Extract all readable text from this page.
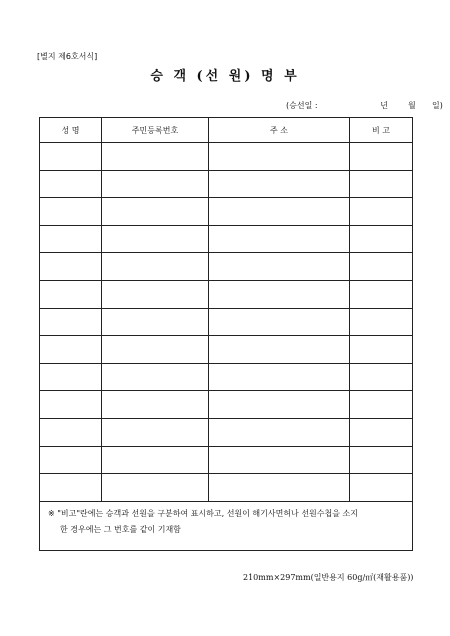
[별지 제6호서식]
승 객 (선 원) 명 부
(승선일 :	년	월	일)
성 명	주민등록번호	주 소	비 고

※ "비고"란에는 승객과 선원을 구분하여 표시하고, 선원이 해기사면허나 선원수첩을 소지
한 경우에는 그 번호를 같이 기재함			
210mm×297mm(일반용지 60g/㎡(재활용품))
